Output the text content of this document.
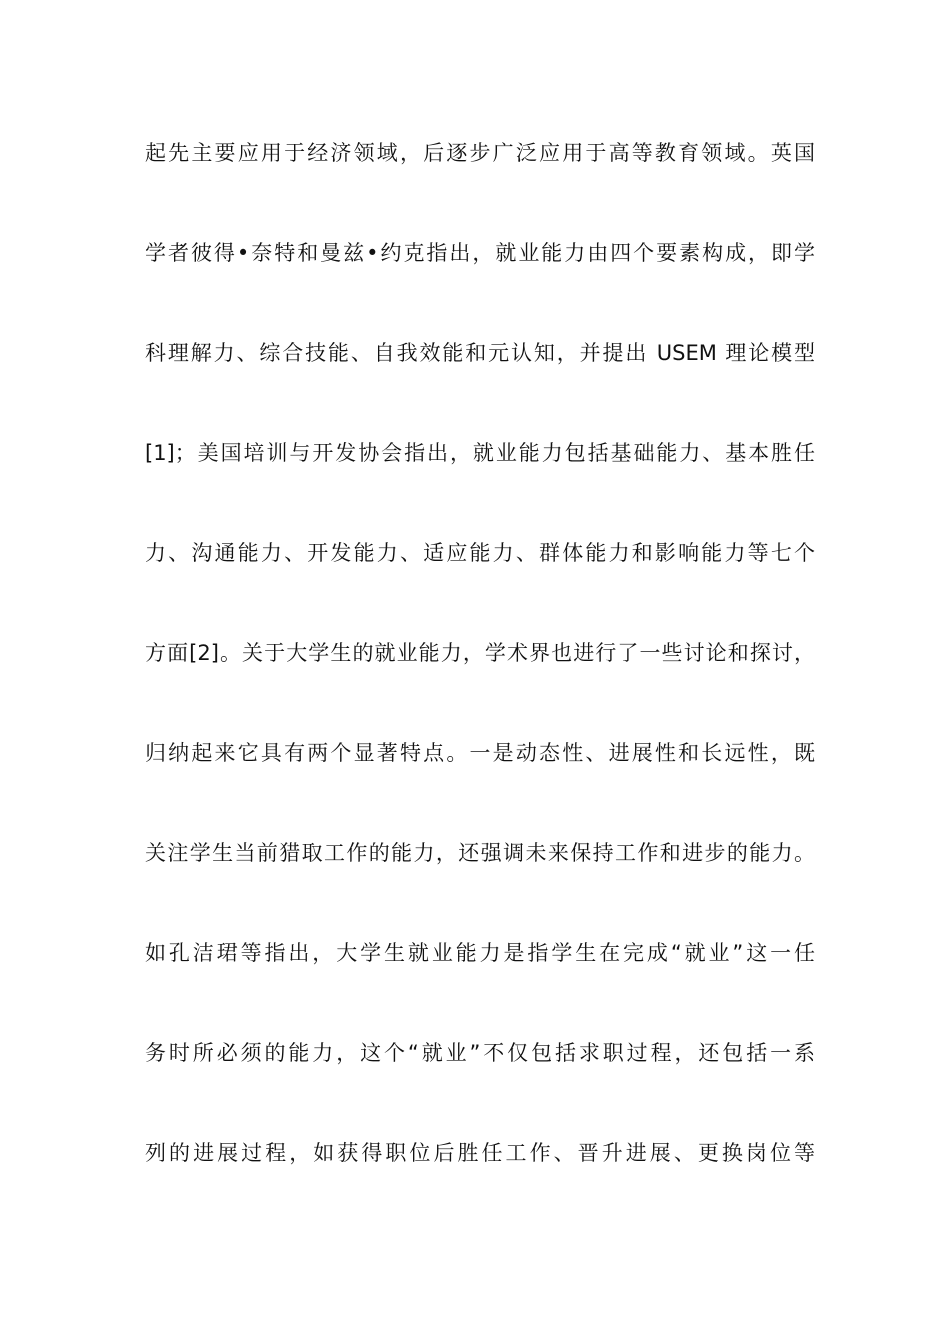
起先主要应用于经济领域，后逐步广泛应用于高等教育领域。英国
学者彼得•奈特和曼兹•约克指出，就业能力由四个要素构成，即学
科理解力、综合技能、自我效能和元认知，并提出 USEM 理论模型
[1]；美国培训与开发协会指出，就业能力包括基础能力、基本胜任
力、沟通能力、开发能力、适应能力、群体能力和影响能力等七个
方面[2]。关于大学生的就业能力，学术界也进行了一些讨论和探讨，
归纳起来它具有两个显著特点。一是动态性、进展性和长远性，既
关注学生当前猎取工作的能力，还强调未来保持工作和进步的能力。
如孔洁珺等指出，大学生就业能力是指学生在完成“就业”这一任
务时所必须的能力，这个“就业”不仅包括求职过程，还包括一系
列的进展过程，如获得职位后胜任工作、晋升进展、更换岗位等
